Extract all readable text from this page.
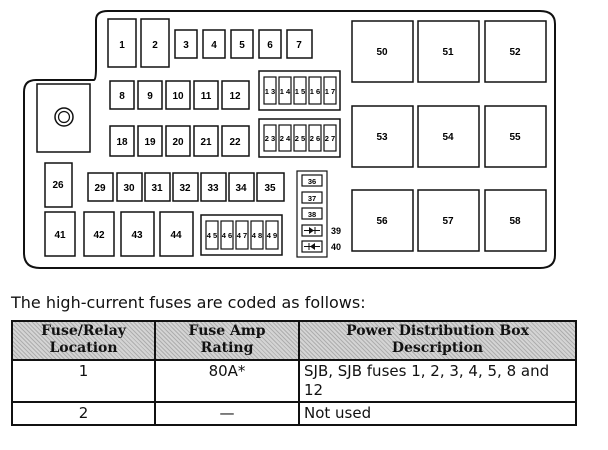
1	2	3 4 5 6 7
8 9 10 11 12
18 19 20 21 22
26	29 30 31 32 33 34 35
41	42	43	44
1 3 1 4 1 5 1 6 1 7
2 3 2 4 2 5 2 6 2 7
4 5 4 6 4 7 4 8 4 9
36
37
38
39
40
50	51	52
53	54	55
56	57	58
The high-current fuses are coded as follows:
Fuse/Relay Location	Fuse Amp Rating	Power Distribution Box Description
1	80A*	SJB, SJB fuses 1, 2, 3, 4, 5, 8 and 12
2	—	Not used
